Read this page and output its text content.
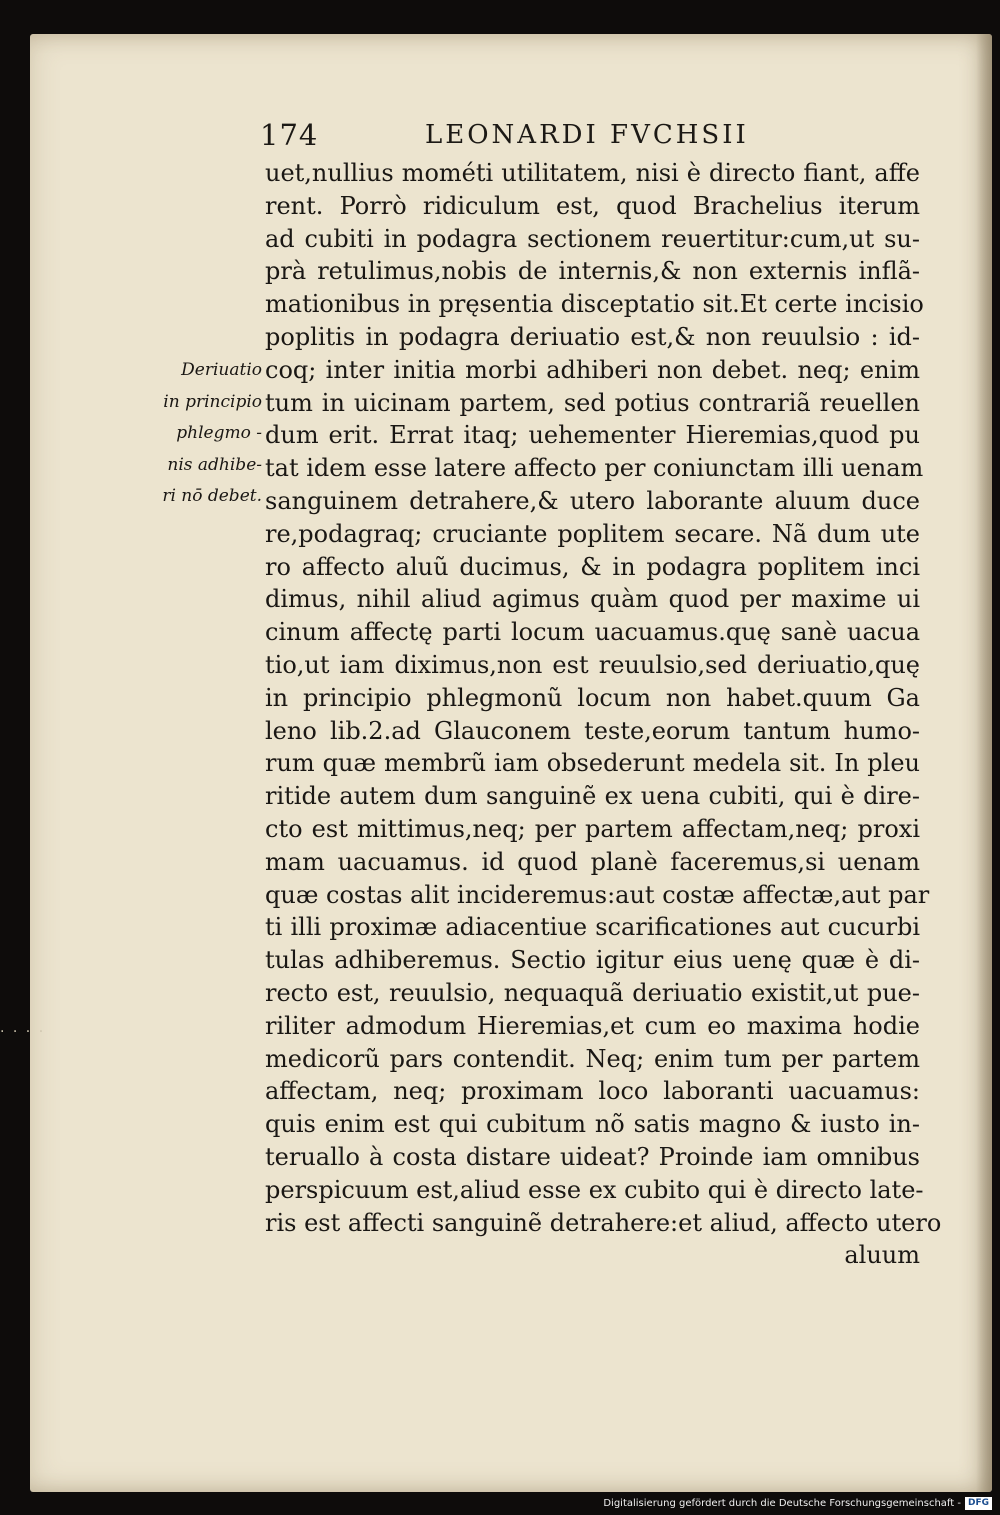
· · · ·
174	LEONARDI FVCHSII
Deriuatio
in principio
phlegmo -
nis adhibe-
ri nō debet.
uet,nullius mométi utilitatem, nisi è directo fiant, affe
rent. Porrò ridiculum est, quod Brachelius iterum
ad cubiti in podagra sectionem reuertitur:cum,ut su-
prà retulimus,nobis de internis,& non externis inflã-
mationibus in pręsentia disceptatio sit.Et certe incisio
poplitis in podagra deriuatio est,& non reuulsio : id-
coq; inter initia morbi adhiberi non debet. neq; enim
tum in uicinam partem, sed potius contrariã reuellen
dum erit. Errat itaq; uehementer Hieremias,quod pu
tat idem esse latere affecto per coniunctam illi uenam
sanguinem detrahere,& utero laborante aluum duce
re,podagraq; cruciante poplitem secare. Nã dum ute
ro affecto aluũ ducimus, & in podagra poplitem inci
dimus, nihil aliud agimus quàm quod per maxime ui
cinum affectę parti locum uacuamus.quę sanè uacua
tio,ut iam diximus,non est reuulsio,sed deriuatio,quę
in principio phlegmonũ locum non habet.quum Ga
leno lib.2.ad Glauconem teste,eorum tantum humo-
rum quæ membrũ iam obsederunt medela sit. In pleu
ritide autem dum sanguinẽ ex uena cubiti, qui è dire-
cto est mittimus,neq; per partem affectam,neq; proxi
mam uacuamus. id quod planè faceremus,si uenam
quæ costas alit incideremus:aut costæ affectæ,aut par
ti illi proximæ adiacentiue scarificationes aut cucurbi
tulas adhiberemus. Sectio igitur eius uenę quæ è di-
recto est, reuulsio, nequaquã deriuatio existit,ut pue-
riliter admodum Hieremias,et cum eo maxima hodie
medicorũ pars contendit. Neq; enim tum per partem
affectam, neq; proximam loco laboranti uacuamus:
quis enim est qui cubitum nõ satis magno & iusto in-
teruallo à costa distare uideat? Proinde iam omnibus
perspicuum est,aliud esse ex cubito qui è directo late-
ris est affecti sanguinẽ detrahere:et aliud, affecto utero
aluum
Digitalisierung gefördert durch die Deutsche Forschungsgemeinschaft - DFG
